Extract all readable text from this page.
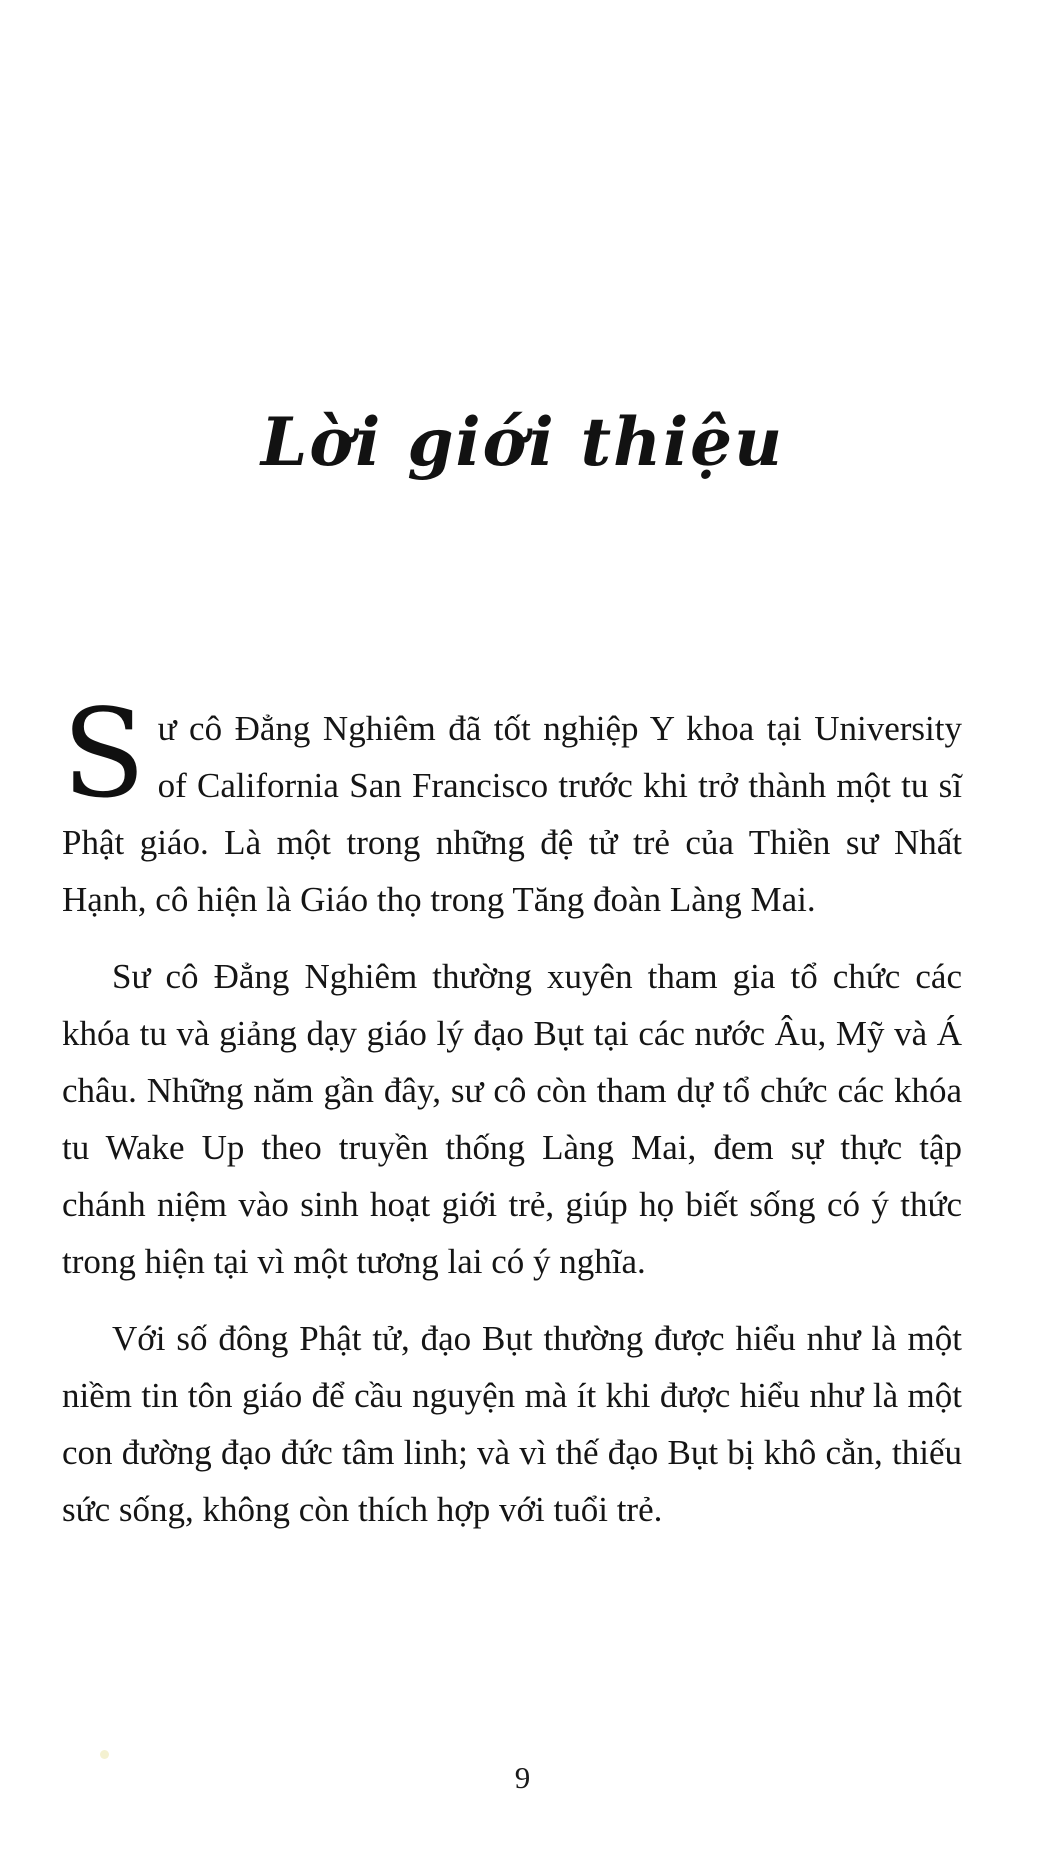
Lời giới thiệu

Sư cô Đẳng Nghiêm đã tốt nghiệp Y khoa tại University of California San Francisco trước khi trở thành một tu sĩ Phật giáo. Là một trong những đệ tử trẻ của Thiền sư Nhất Hạnh, cô hiện là Giáo thọ trong Tăng đoàn Làng Mai.

Sư cô Đẳng Nghiêm thường xuyên tham gia tổ chức các khóa tu và giảng dạy giáo lý đạo Bụt tại các nước Âu, Mỹ và Á châu. Những năm gần đây, sư cô còn tham dự tổ chức các khóa tu Wake Up theo truyền thống Làng Mai, đem sự thực tập chánh niệm vào sinh hoạt giới trẻ, giúp họ biết sống có ý thức trong hiện tại vì một tương lai có ý nghĩa.

Với số đông Phật tử, đạo Bụt thường được hiểu như là một niềm tin tôn giáo để cầu nguyện mà ít khi được hiểu như là một con đường đạo đức tâm linh; và vì thế đạo Bụt bị khô cằn, thiếu sức sống, không còn thích hợp với tuổi trẻ.

9
